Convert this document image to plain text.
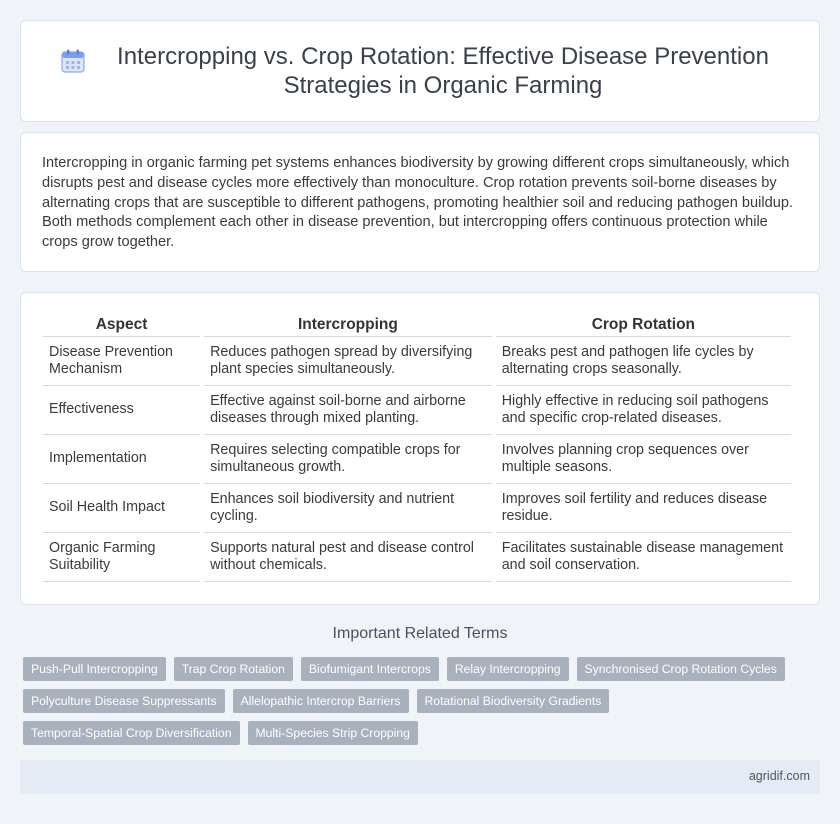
Intercropping vs. Crop Rotation: Effective Disease Prevention Strategies in Organic Farming

Intercropping in organic farming pet systems enhances biodiversity by growing different crops simultaneously, which disrupts pest and disease cycles more effectively than monoculture. Crop rotation prevents soil-borne diseases by alternating crops that are susceptible to different pathogens, promoting healthier soil and reducing pathogen buildup. Both methods complement each other in disease prevention, but intercropping offers continuous protection while crops grow together.

Aspect	Intercropping	Crop Rotation
Disease Prevention Mechanism	Reduces pathogen spread by diversifying plant species simultaneously.	Breaks pest and pathogen life cycles by alternating crops seasonally.
Effectiveness	Effective against soil-borne and airborne diseases through mixed planting.	Highly effective in reducing soil pathogens and specific crop-related diseases.
Implementation	Requires selecting compatible crops for simultaneous growth.	Involves planning crop sequences over multiple seasons.
Soil Health Impact	Enhances soil biodiversity and nutrient cycling.	Improves soil fertility and reduces disease residue.
Organic Farming Suitability	Supports natural pest and disease control without chemicals.	Facilitates sustainable disease management and soil conservation.
Important Related Terms
Push-Pull Intercropping	Trap Crop Rotation	Biofumigant Intercrops	Relay Intercropping	Synchronised Crop Rotation Cycles
Polyculture Disease Suppressants	Allelopathic Intercrop Barriers	Rotational Biodiversity Gradients
Temporal-Spatial Crop Diversification	Multi-Species Strip Cropping
agridif.com
